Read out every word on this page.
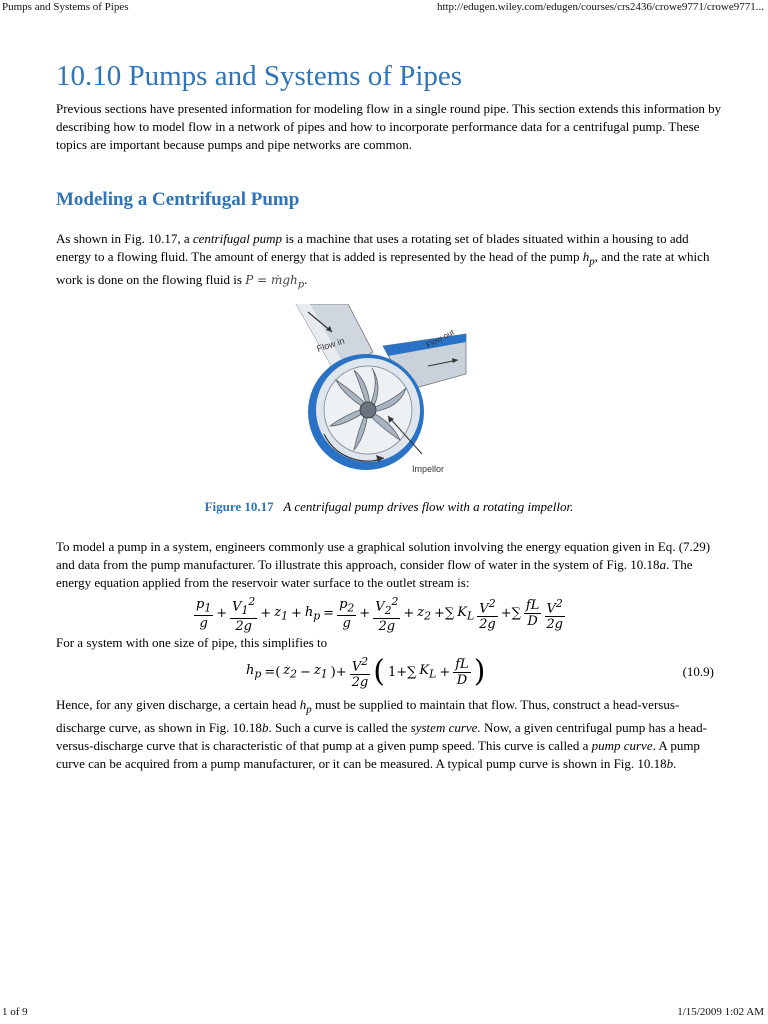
Pumps and Systems of Pipes	http://edugen.wiley.com/edugen/courses/crs2436/crowe9771/crowe9771...
10.10 Pumps and Systems of Pipes

Previous sections have presented information for modeling flow in a single round pipe. This section extends this information by describing how to model flow in a network of pipes and how to incorporate performance data for a centrifugal pump. These topics are important because pumps and pipe networks are common.

Modeling a Centrifugal Pump

As shown in Fig. 10.17, a centrifugal pump is a machine that uses a rotating set of blades situated within a housing to add energy to a flowing fluid. The amount of energy that is added is represented by the head of the pump $h_p$, and the rate at which work is done on the flowing fluid is P = ṁgh$_p$.

Flow in	Flow out
Impellor
Figure 10.17 A centrifugal pump drives flow with a rotating impellor.

To model a pump in a system, engineers commonly use a graphical solution involving the energy equation given in Eq. (7.29) and data from the pump manufacturer. To illustrate this approach, consider flow of water in the system of Fig. 10.18a. The energy equation applied from the reservoir water surface to the outlet stream is:

$\frac{p_1}{g} + \frac{V_1^2}{2g} + z_1 + h_p = \frac{p_2}{g} + \frac{V_2^2}{2g} + z_2$ +∑ $K_L \frac{V^2}{2g}$ +∑ $\frac{fL}{D} \frac{V^2}{2g}$

For a system with one size of pipe, this simplifies to

$h_p$ =( $z_2 - z_1$ )+ $\frac{V^2}{2g}$ ( 1+∑ $K_L + \frac{fL}{D}$ )	(10.9)

Hence, for any given discharge, a certain head $h_p$ must be supplied to maintain that flow. Thus, construct a head-versus-discharge curve, as shown in Fig. 10.18b. Such a curve is called the system curve. Now, a given centrifugal pump has a head-versus-discharge curve that is characteristic of that pump at a given pump speed. This curve is called a pump curve. A pump curve can be acquired from a pump manufacturer, or it can be measured. A typical pump curve is shown in Fig. 10.18b.

1 of 9	1/15/2009 1:02 AM
